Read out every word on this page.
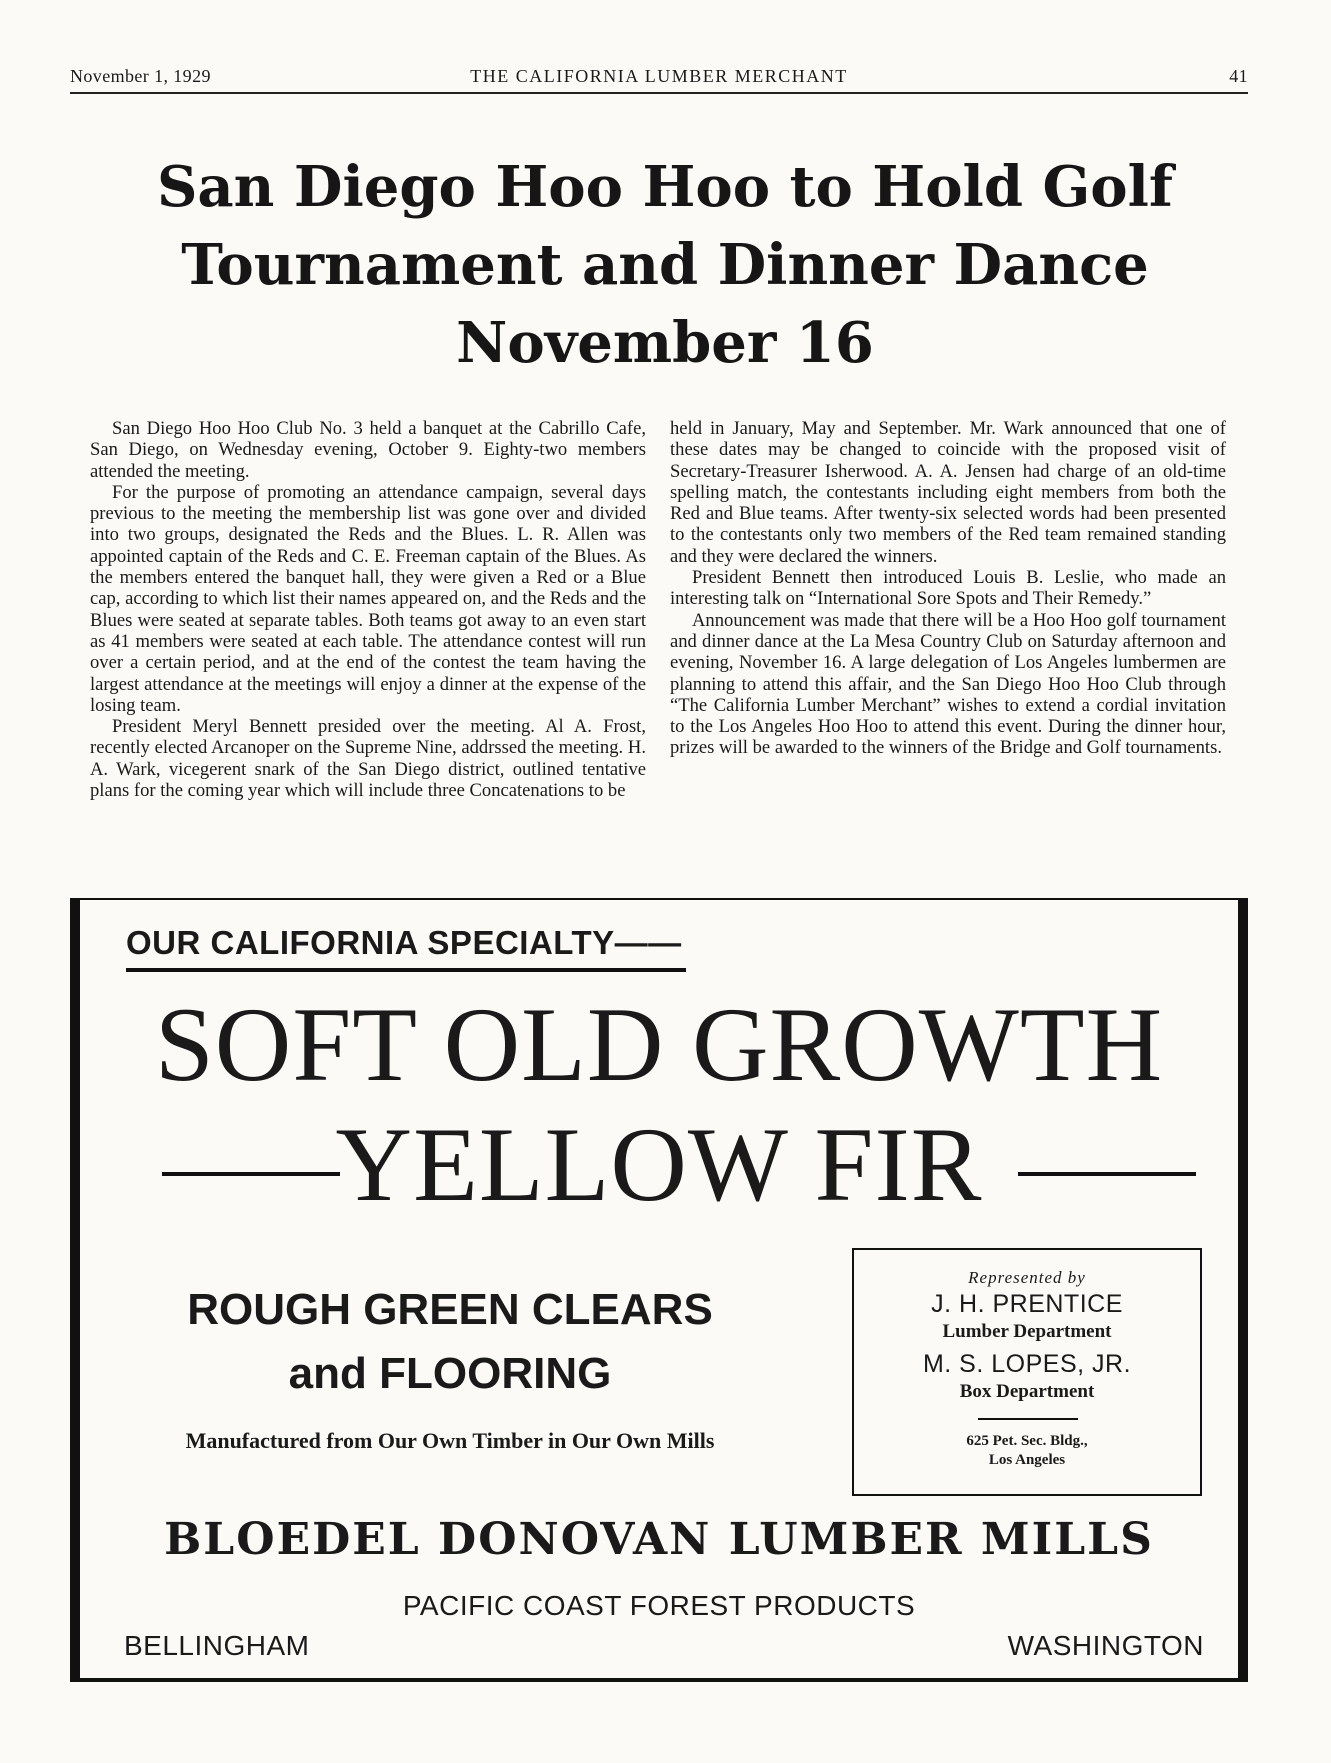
November 1, 1929	THE CALIFORNIA LUMBER MERCHANT	41
San Diego Hoo Hoo to Hold Golf
Tournament and Dinner Dance
November 16

San Diego Hoo Hoo Club No. 3 held a banquet at the Cabrillo Cafe, San Diego, on Wednesday evening, October 9. Eighty-two members attended the meeting.

For the purpose of promoting an attendance campaign, several days previous to the meeting the membership list was gone over and divided into two groups, designated the Reds and the Blues. L. R. Allen was appointed captain of the Reds and C. E. Freeman captain of the Blues. As the members entered the banquet hall, they were given a Red or a Blue cap, according to which list their names appeared on, and the Reds and the Blues were seated at separate tables. Both teams got away to an even start as 41 members were seated at each table. The attendance contest will run over a certain period, and at the end of the contest the team having the largest attendance at the meetings will enjoy a dinner at the expense of the losing team.

President Meryl Bennett presided over the meeting. Al A. Frost, recently elected Arcanoper on the Supreme Nine, addrssed the meeting. H. A. Wark, vicegerent snark of the San Diego district, outlined tentative plans for the coming year which will include three Concatenations to be

held in January, May and September. Mr. Wark announced that one of these dates may be changed to coincide with the proposed visit of Secretary-Treasurer Isherwood. A. A. Jensen had charge of an old-time spelling match, the contestants including eight members from both the Red and Blue teams. After twenty-six selected words had been presented to the contestants only two members of the Red team remained standing and they were declared the winners.

President Bennett then introduced Louis B. Leslie, who made an interesting talk on “International Sore Spots and Their Remedy.”

Announcement was made that there will be a Hoo Hoo golf tournament and dinner dance at the La Mesa Country Club on Saturday afternoon and evening, November 16. A large delegation of Los Angeles lumbermen are planning to attend this affair, and the San Diego Hoo Hoo Club through “The California Lumber Merchant” wishes to extend a cordial invitation to the Los Angeles Hoo Hoo to attend this event. During the dinner hour, prizes will be awarded to the winners of the Bridge and Golf tournaments.

OUR CALIFORNIA SPECIALTY——
SOFT OLD GROWTH
YELLOW FIR
ROUGH GREEN CLEARS
and FLOORING
Manufactured from Our Own Timber in Our Own Mills
Represented by
J. H. PRENTICE
Lumber Department
M. S. LOPES, JR.
Box Department
625 Pet. Sec. Bldg.,
Los Angeles
BLOEDEL DONOVAN LUMBER MILLS
PACIFIC COAST FOREST PRODUCTS
BELLINGHAM	WASHINGTON
